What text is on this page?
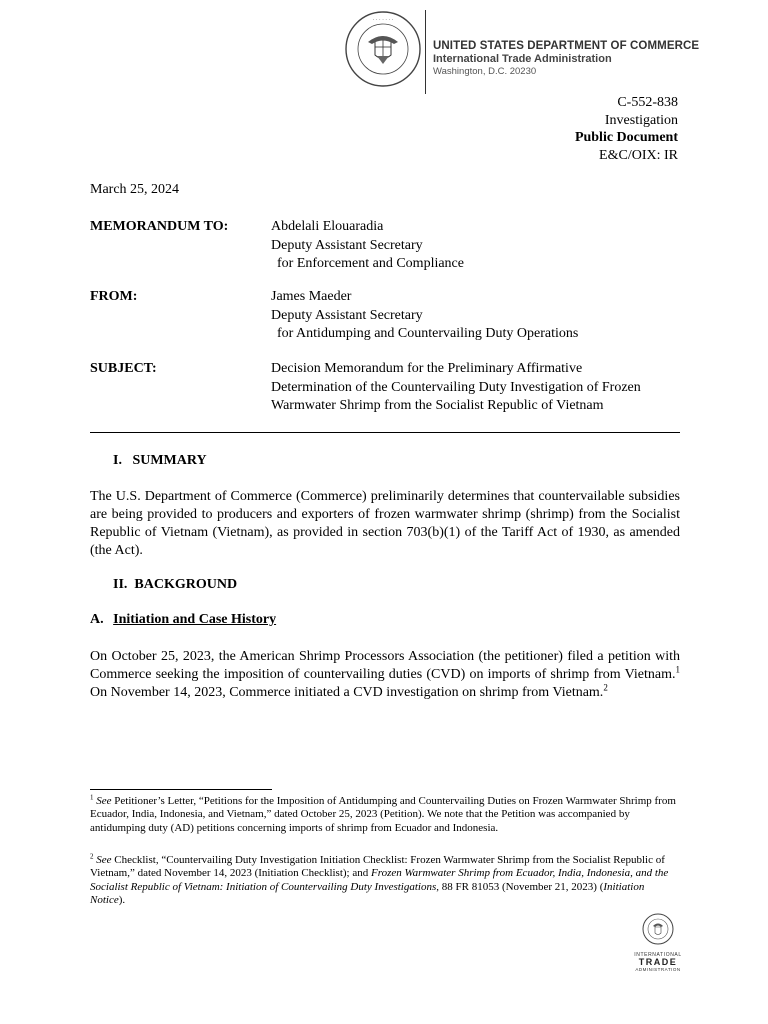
· · · · · · ·
UNITED STATES DEPARTMENT OF COMMERCE
International Trade Administration
Washington, D.C. 20230
C-552-838
Investigation
Public Document
E&C/OIX: IR
March 25, 2024
MEMORANDUM TO:	Abdelali Elouaradia
Deputy Assistant Secretary
for Enforcement and Compliance
FROM:	James Maeder
Deputy Assistant Secretary
for Antidumping and Countervailing Duty Operations
SUBJECT:	Decision Memorandum for the Preliminary Affirmative
Determination of the Countervailing Duty Investigation of Frozen
Warmwater Shrimp from the Socialist Republic of Vietnam
I.   SUMMARY
The U.S. Department of Commerce (Commerce) preliminarily determines that countervailable subsidies are being provided to producers and exporters of frozen warmwater shrimp (shrimp) from the Socialist Republic of Vietnam (Vietnam), as provided in section 703(b)(1) of the Tariff Act of 1930, as amended (the Act).
II.  BACKGROUND
A. Initiation and Case History
On October 25, 2023, the American Shrimp Processors Association (the petitioner) filed a petition with Commerce seeking the imposition of countervailing duties (CVD) on imports of shrimp from Vietnam.$^1$  On November 14, 2023, Commerce initiated a CVD investigation on shrimp from Vietnam.$^2$
$^1$ See Petitioner’s Letter, “Petitions for the Imposition of Antidumping and Countervailing Duties on Frozen Warmwater Shrimp from Ecuador, India, Indonesia, and Vietnam,” dated October 25, 2023 (Petition). We note that the Petition was accompanied by antidumping duty (AD) petitions concerning imports of shrimp from Ecuador and Indonesia.
$^2$ See Checklist, “Countervailing Duty Investigation Initiation Checklist: Frozen Warmwater Shrimp from the Socialist Republic of Vietnam,” dated November 14, 2023 (Initiation Checklist); and Frozen Warmwater Shrimp from Ecuador, India, Indonesia, and the Socialist Republic of Vietnam: Initiation of Countervailing Duty Investigations, 88 FR 81053 (November 21, 2023) (Initiation Notice).
INTERNATIONAL
TRADE
ADMINISTRATION
